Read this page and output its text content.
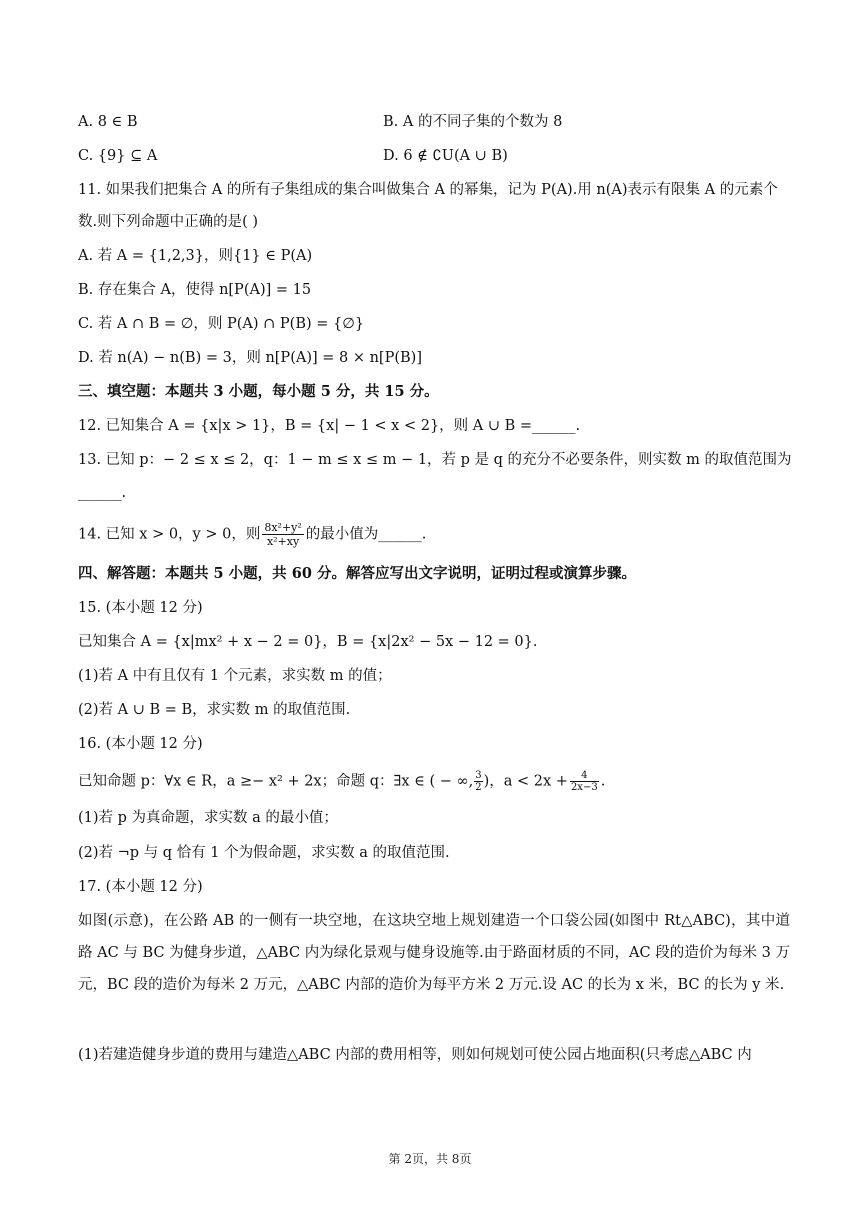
A. 8 ∈ B	B. A 的不同子集的个数为 8
C. {9} ⊆ A	D. 6 ∉ ∁U(A ∪ B)
11. 如果我们把集合 A 的所有子集组成的集合叫做集合 A 的幂集，记为 P(A).用 n(A)表示有限集 A 的元素个
数.则下列命题中正确的是( )
A. 若 A = {1,2,3}，则{1} ∈ P(A)
B. 存在集合 A，使得 n[P(A)] = 15
C. 若 A ∩ B = ∅，则 P(A) ∩ P(B) = {∅}
D. 若 n(A) − n(B) = 3，则 n[P(A)] = 8 × n[P(B)]
三、填空题：本题共 3 小题，每小题 5 分，共 15 分。
12. 已知集合 A = {x|x > 1}，B = {x| − 1 < x < 2}，则 A ∪ B =______.
13. 已知 p：− 2 ≤ x ≤ 2，q：1 − m ≤ x ≤ m − 1，若 p 是 q 的充分不必要条件，则实数 m 的取值范围为
______.
14. 已知 x > 0，y > 0，则 $\frac{\text{8x²+y²}}{\text{x²+xy}}$ 的最小值为______.
四、解答题：本题共 5 小题，共 60 分。解答应写出文字说明，证明过程或演算步骤。
15. (本小题 12 分)
已知集合 A = {x|mx² + x − 2 = 0}，B = {x|2x² − 5x − 12 = 0}.
(1)若 A 中有且仅有 1 个元素，求实数 m 的值；
(2)若 A ∪ B = B，求实数 m 的取值范围.
16. (本小题 12 分)
已知命题 p：∀x ∈ R，a ≥− x² + 2x；命题 q：∃x ∈ ( − ∞, $\frac{3}{2}$ )，$a < 2x + \frac{4}{2x-3}$ .
(1)若 p 为真命题，求实数 a 的最小值；
(2)若 ¬p 与 q 恰有 1 个为假命题，求实数 a 的取值范围.
17. (本小题 12 分)
如图(示意)，在公路 AB 的一侧有一块空地，在这块空地上规划建造一个口袋公园(如图中 Rt△ABC)，其中道路 AC 与 BC 为健身步道，△ABC 内为绿化景观与健身设施等.由于路面材质的不同，AC 段的造价为每米 3 万元，BC 段的造价为每米 2 万元，△ABC 内部的造价为每平方米 2 万元.设 AC 的长为 x 米，BC 的长为 y 米.
(1)若建造健身步道的费用与建造△ABC 内部的费用相等，则如何规划可使公园占地面积(只考虑△ABC 内
第 2页，共 8页
